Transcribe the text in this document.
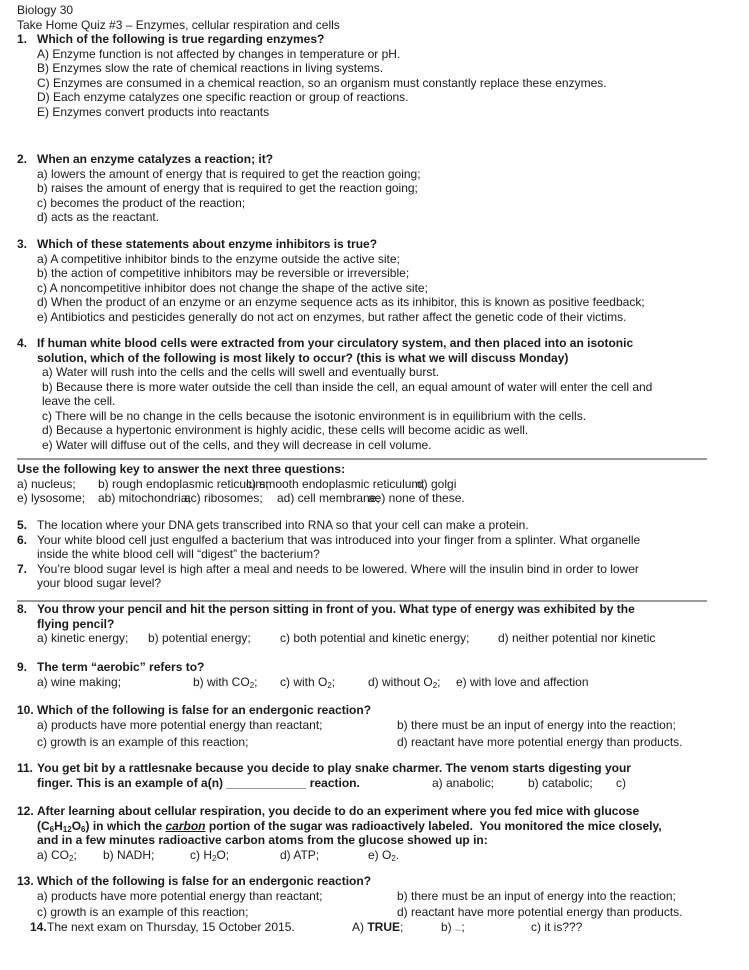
Biology 30
Take Home Quiz #3 – Enzymes, cellular respiration and cells
1. Which of the following is true regarding enzymes?
A) Enzyme function is not affected by changes in temperature or pH.
B) Enzymes slow the rate of chemical reactions in living systems.
C) Enzymes are consumed in a chemical reaction, so an organism must constantly replace these enzymes.
D) Each enzyme catalyzes one specific reaction or group of reactions.
E) Enzymes convert products into reactants
2. When an enzyme catalyzes a reaction; it?
a) lowers the amount of energy that is required to get the reaction going;
b) raises the amount of energy that is required to get the reaction going;
c) becomes the product of the reaction;
d) acts as the reactant.
3. Which of these statements about enzyme inhibitors is true?
a) A competitive inhibitor binds to the enzyme outside the active site;
b) the action of competitive inhibitors may be reversible or irreversible;
c) A noncompetitive inhibitor does not change the shape of the active site;
d) When the product of an enzyme or an enzyme sequence acts as its inhibitor, this is known as positive feedback;
e) Antibiotics and pesticides generally do not act on enzymes, but rather affect the genetic code of their victims.
4. If human white blood cells were extracted from your circulatory system, and then placed into an isotonic
solution, which of the following is most likely to occur? (this is what we will discuss Monday)
a) Water will rush into the cells and the cells will swell and eventually burst.
b) Because there is more water outside the cell than inside the cell, an equal amount of water will enter the cell and
leave the cell.
c) There will be no change in the cells because the isotonic environment is in equilibrium with the cells.
d) Because a hypertonic environment is highly acidic, these cells will become acidic as well.
e) Water will diffuse out of the cells, and they will decrease in cell volume.
Use the following key to answer the next three questions:
a) nucleus; b) rough endoplasmic reticulum;
c) smooth endoplasmic reticulum;
d) golgi
e) lysosome; ab) mitochondria;
ac) ribosomes; ad) cell membrane;
ae) none of these.
5. The location where your DNA gets transcribed into RNA so that your cell can make a protein.
6. Your white blood cell just engulfed a bacterium that was introduced into your finger from a splinter. What organelle
inside the white blood cell will “digest” the bacterium?
7. You’re blood sugar level is high after a meal and needs to be lowered. Where will the insulin bind in order to lower
your blood sugar level?
8. You throw your pencil and hit the person sitting in front of you. What type of energy was exhibited by the
flying pencil?
a) kinetic energy; b) potential energy; c) both potential and kinetic energy; d) neither potential nor kinetic
9. The term “aerobic” refers to?
a) wine making;	b) with $CO_2$; c) with $O_2$;	d) without $O_2$; e) with love and affection
10. Which of the following is false for an endergonic reaction?
a) products have more potential energy than reactant;	b) there must be an input of energy into the reaction;
c) growth is an example of this reaction;	d) reactant have more potential energy than products.
11. You get bit by a rattlesnake because you decide to play snake charmer. The venom starts digesting your
finger. This is an example of a(n) ____________ reaction.	a) anabolic;	b) catabolic; c)
12. After learning about cellular respiration, you decide to do an experiment where you fed mice with glucose
$(C_6H_{12}O_6)$ in which the carbon portion of the sugar was radioactively labeled.  You monitored the mice closely,
and in a few minutes radioactive carbon atoms from the glucose showed up in:
a) $CO_2$; b) NADH;	c) $H_2O$;	d) ATP;	e) $O_2$.
13. Which of the following is false for an endergonic reaction?
a) products have more potential energy than reactant;	b) there must be an input of energy into the reaction;
c) growth is an example of this reaction;	d) reactant have more potential energy than products.
14. The next exam on Thursday, 15 October 2015.	A) TRUE;	b) false;	c) it is???
